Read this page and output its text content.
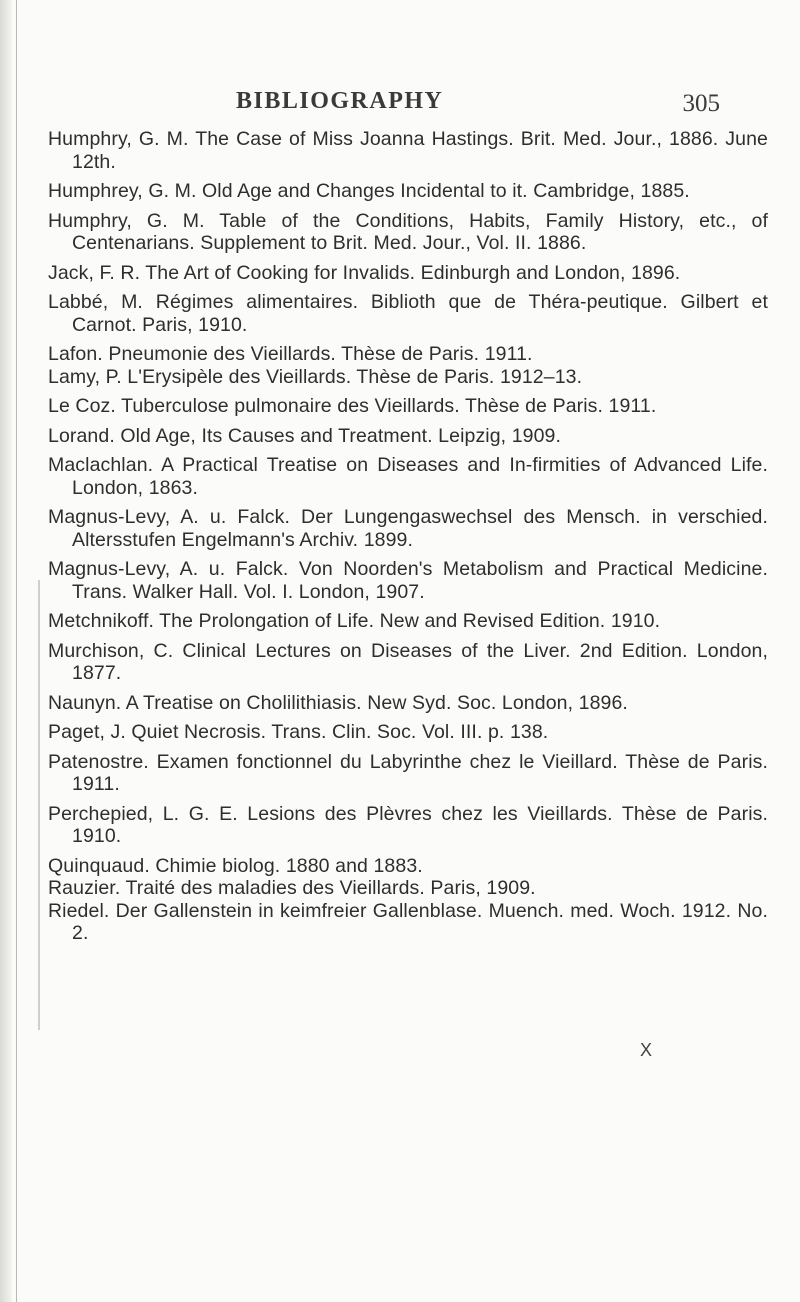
BIBLIOGRAPHY	305
Humphry, G. M. The Case of Miss Joanna Hastings. Brit. Med. Jour., 1886. June 12th.
Humphrey, G. M. Old Age and Changes Incidental to it. Cambridge, 1885.
Humphry, G. M. Table of the Conditions, Habits, Family History, etc., of Centenarians. Supplement to Brit. Med. Jour., Vol. II. 1886.
Jack, F. R. The Art of Cooking for Invalids. Edinburgh and London, 1896.
Labbé, M. Régimes alimentaires. Biblioth que de Théra-peutique. Gilbert et Carnot. Paris, 1910.
Lafon. Pneumonie des Vieillards. Thèse de Paris. 1911.
Lamy, P. L'Erysipèle des Vieillards. Thèse de Paris. 1912–13.
Le Coz. Tuberculose pulmonaire des Vieillards. Thèse de Paris. 1911.
Lorand. Old Age, Its Causes and Treatment. Leipzig, 1909.
Maclachlan. A Practical Treatise on Diseases and In-firmities of Advanced Life. London, 1863.
Magnus-Levy, A. u. Falck. Der Lungengaswechsel des Mensch. in verschied. Altersstufen Engelmann's Archiv. 1899.
Magnus-Levy, A. u. Falck. Von Noorden's Metabolism and Practical Medicine. Trans. Walker Hall. Vol. I. London, 1907.
Metchnikoff. The Prolongation of Life. New and Revised Edition. 1910.
Murchison, C. Clinical Lectures on Diseases of the Liver. 2nd Edition. London, 1877.
Naunyn. A Treatise on Cholilithiasis. New Syd. Soc. London, 1896.
Paget, J. Quiet Necrosis. Trans. Clin. Soc. Vol. III. p. 138.
Patenostre. Examen fonctionnel du Labyrinthe chez le Vieillard. Thèse de Paris. 1911.
Perchepied, L. G. E. Lesions des Plèvres chez les Vieillards. Thèse de Paris. 1910.
Quinquaud. Chimie biolog. 1880 and 1883.
Rauzier. Traité des maladies des Vieillards. Paris, 1909.
Riedel. Der Gallenstein in keimfreier Gallenblase. Muench. med. Woch. 1912. No. 2.
X
